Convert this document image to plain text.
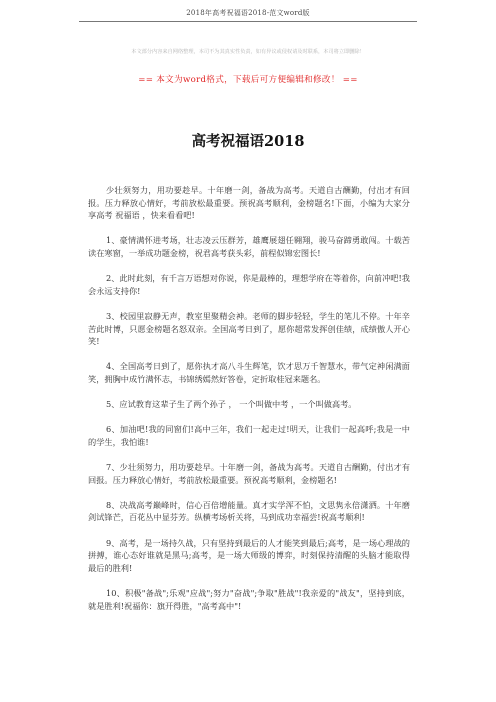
2018年高考祝福语2018-范文word版
本文部分内容来自网络整理，本司不为其真实性负责，如有异议或侵权请及时联系，本司将立即删除！
== 本文为word格式，下载后可方便编辑和修改！ ==
高考祝福语2018

少壮须努力，用功要趁早。十年磨一剑，备战为高考。天道自古酬勤，付出才有回报。压力释放心情好，考前放松最重要。预祝高考顺利，金榜题名!下面，小编为大家分享高考 祝福语 ，快来看看吧!

1、豪情满怀进考场，壮志凌云压群芳，雄鹰展翅任翱翔，骏马奋蹄勇敢闯。十载苦读在寒窗，一举成功题金榜，祝君高考获头彩，前程似锦宏图长!

2、此时此刻，有千言万语想对你说，你是最棒的，理想学府在等着你，向前冲吧!我会永远支持你!

3、校园里寂静无声，教室里聚精会神。老师的脚步轻轻，学生的笔儿不停。十年辛苦此时博，只愿金榜题名怒双亲。全国高考日到了，愿你超常发挥创佳绩，成绩傲人开心笑!

4、全国高考日到了，愿你执才高八斗生辉笔，饮才思万千智慧水，带气定神闲满面笑，拥胸中成竹满怀志，书锦绣嫣然好答卷，定折取桂冠来题名。

5、应试教育这辈子生了两个孙子 ， 一个叫做中考 ，一个叫做高考。

6、加油吧!我的同窗们!高中三年，我们一起走过!明天，让我们一起高呼;我是一中的学生，我怕谁!

7、少壮须努力，用功要趁早。十年磨一剑，备战为高考。天道自古酬勤，付出才有回报。压力释放心情好，考前放松最重要。预祝高考顺利，金榜题名!

8、决战高考巅峰时，信心百倍增能量。真才实学浑不怕，文思隽永倍潇洒。十年磨剑试锋芒，百花丛中显芬芳。纵横考场析关将，马到成功幸福尝!祝高考顺利!

9、高考，是一场持久战，只有坚持到最后的人才能笑到最后;高考，是一场心理战的拼搏，谁心态好谁就是黑马;高考，是一场大师级的博弈，时刻保持清醒的头脑才能取得最后的胜利!

10、积极"备战";乐观"应战";努力"奋战";争取"胜战"!我亲爱的"战友"，坚持到底，就是胜利!祝福你：旗开得胜，"高考高中"!
